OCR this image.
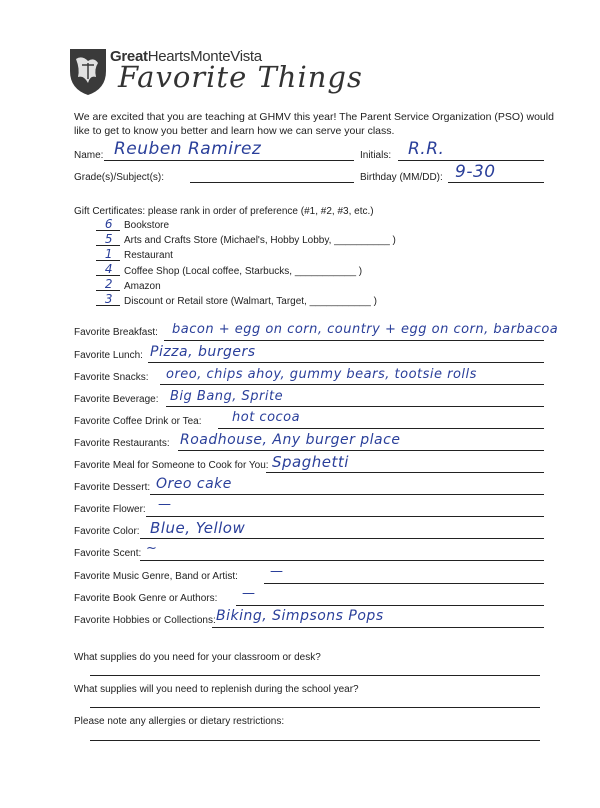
GreatHeartsMonteVista
Favorite Things
We are excited that you are teaching at GHMV this year! The Parent Service Organization (PSO) would like to get to know you better and learn how we can serve your class.
Name: Reuben Ramirez	Initials: R.R.
Grade(s)/Subject(s):	Birthday (MM/DD): 9-30
Gift Certificates: please rank in order of preference (#1, #2, #3, etc.)
6	Bookstore
5	Arts and Crafts Store (Michael's, Hobby Lobby, __________ )
1	Restaurant
4	Coffee Shop (Local coffee, Starbucks, ___________ )
2	Amazon
3	Discount or Retail store (Walmart, Target, ___________ )
Favorite Breakfast: bacon + egg on corn, country + egg on corn, barbacoa
Favorite Lunch: Pizza, burgers
Favorite Snacks: oreo, chips ahoy, gummy bears, tootsie rolls
Favorite Beverage: Big Bang, Sprite
Favorite Coffee Drink or Tea: hot cocoa
Favorite Restaurants: Roadhouse, Any burger place
Favorite Meal for Someone to Cook for You: Spaghetti
Favorite Dessert: Oreo cake
Favorite Flower: —
Favorite Color: Blue, Yellow
Favorite Scent: ~
Favorite Music Genre, Band or Artist: —
Favorite Book Genre or Authors: —
Favorite Hobbies or Collections: Biking, Simpsons Pops
What supplies do you need for your classroom or desk?
What supplies will you need to replenish during the school year?
Please note any allergies or dietary restrictions:
